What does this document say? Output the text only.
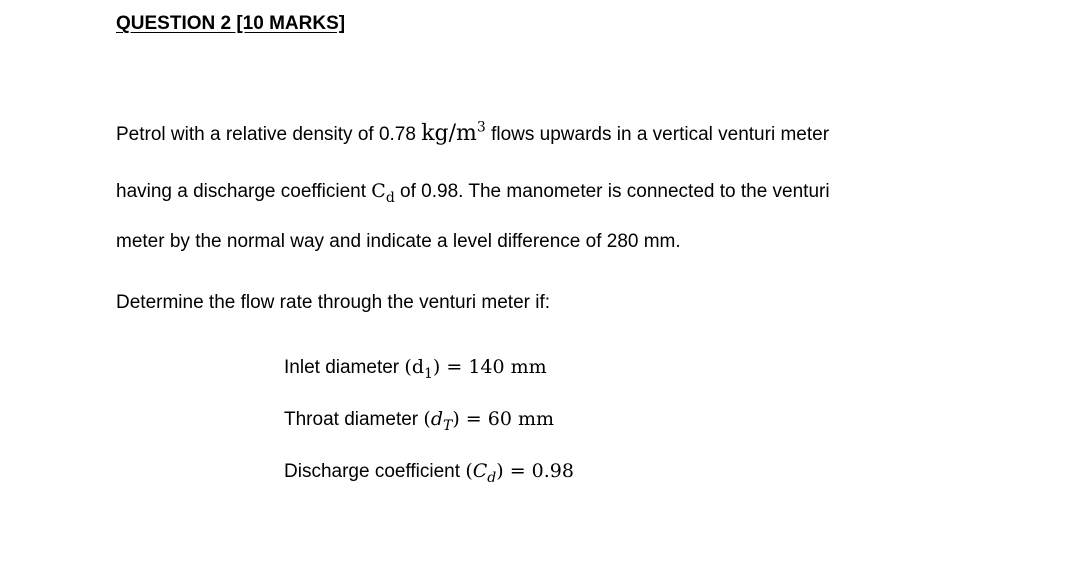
QUESTION 2 [10 MARKS]
Petrol with a relative density of 0.78 $kg/m^3$ flows upwards in a vertical venturi meter
having a discharge coefficient $C_d$ of 0.98. The manometer is connected to the venturi
meter by the normal way and indicate a level difference of 280 mm.
Determine the flow rate through the venturi meter if:
Inlet diameter $(d_1) = 140$ mm
Throat diameter $(d_T) = 60$ mm
Discharge coefficient $(C_d) = 0.98$
